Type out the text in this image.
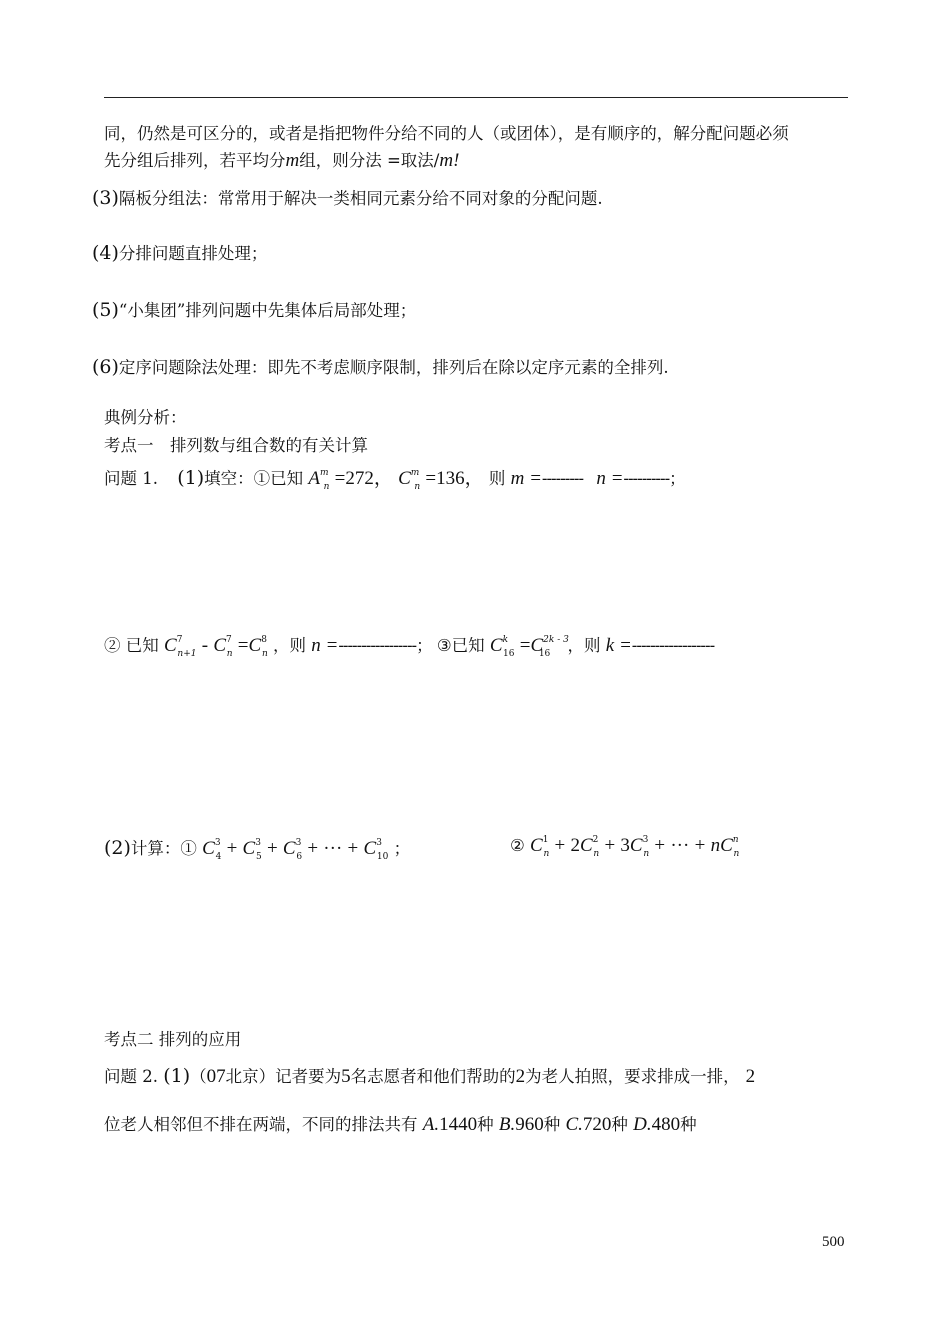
同，仍然是可区分的，或者是指把物件分给不同的人（或团体），是有顺序的，解分配问题必须
先分组后排列，若平均分m组，则分法 =取法/m!
(3)隔板分组法：常常用于解决一类相同元素分给不同对象的分配问题.
(4)分排问题直排处理；
(5)“小集团”排列问题中先集体后局部处理；
(6)定序问题除法处理：即先不考虑顺序限制，排列后在除以定序元素的全排列.
典例分析：
考点一　排列数与组合数的有关计算
问题 1. (1)填空：①已知 $A^m_n =272$， $C^m_n =136$， 则 m =--------- n =----------；
② 已知 $C^7_{n+1} - C^7_n =C^8_n$ ，则 n =-----------------； ③已知 $C^k_{16} =C^{2k - 3}_{16}$ ，则 k =------------------
(2)计算：① $C^3_4 + C^3_5 + C^3_6$ + ··· + $C^3_{10}$ ；	② $C^1_n + 2C^2_n + 3C^3_n$ + ··· + $nC^n_n$
考点二 排列的应用
问题 2. (1)（07北京）记者要为5名志愿者和他们帮助的2为老人拍照，要求排成一排， 2
位老人相邻但不排在两端，不同的排法共有 A.1440种 B.960种 C.720种 D.480种
500
